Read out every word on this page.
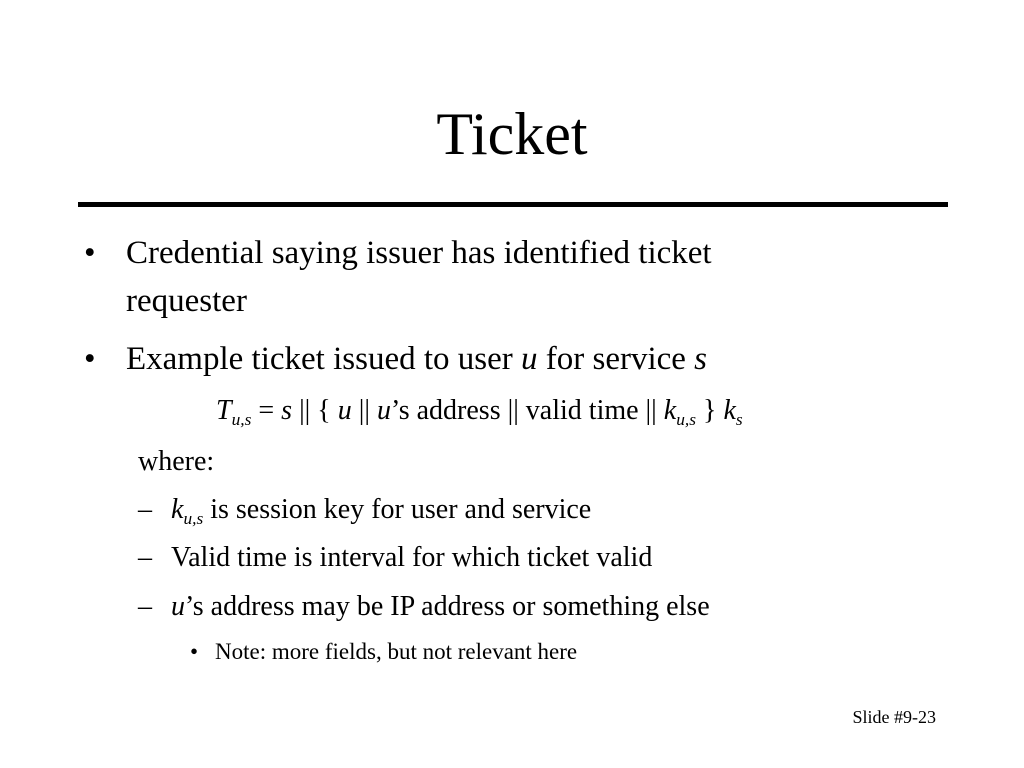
Ticket
• Credential saying issuer has identified ticket
requester
• Example ticket issued to user u for service s
$T_{u,s} = s$ || { u || u’s address || valid time || $k_{u,s}$ } $k_s$
where:
– $k_{u,s}$ is session key for user and service
– Valid time is interval for which ticket valid
– u’s address may be IP address or something else
• Note: more fields, but not relevant here
Slide #9-23
